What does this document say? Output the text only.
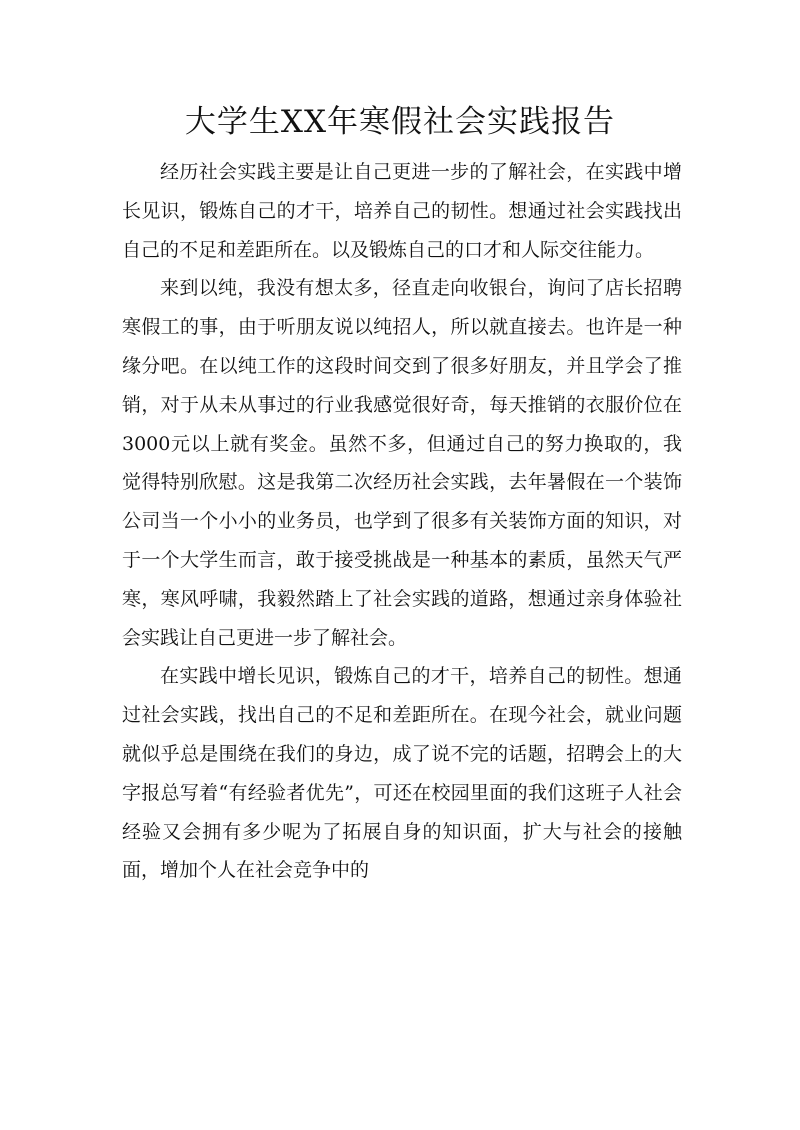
大学生XX年寒假社会实践报告

经历社会实践主要是让自己更进一步的了解社会，在实践中增长见识，锻炼自己的才干，培养自己的韧性。想通过社会实践找出自己的不足和差距所在。以及锻炼自己的口才和人际交往能力。

来到以纯，我没有想太多，径直走向收银台，询问了店长招聘寒假工的事，由于听朋友说以纯招人，所以就直接去。也许是一种缘分吧。在以纯工作的这段时间交到了很多好朋友，并且学会了推销，对于从未从事过的行业我感觉很好奇，每天推销的衣服价位在3000元以上就有奖金。虽然不多，但通过自己的努力换取的，我觉得特别欣慰。这是我第二次经历社会实践，去年暑假在一个装饰公司当一个小小的业务员，也学到了很多有关装饰方面的知识，对于一个大学生而言，敢于接受挑战是一种基本的素质，虽然天气严寒，寒风呼啸，我毅然踏上了社会实践的道路，想通过亲身体验社会实践让自己更进一步了解社会。

在实践中增长见识，锻炼自己的才干，培养自己的韧性。想通过社会实践，找出自己的不足和差距所在。在现今社会，就业问题就似乎总是围绕在我们的身边，成了说不完的话题，招聘会上的大字报总写着“有经验者优先”，可还在校园里面的我们这班子人社会经验又会拥有多少呢为了拓展自身的知识面，扩大与社会的接触面，增加个人在社会竞争中的
